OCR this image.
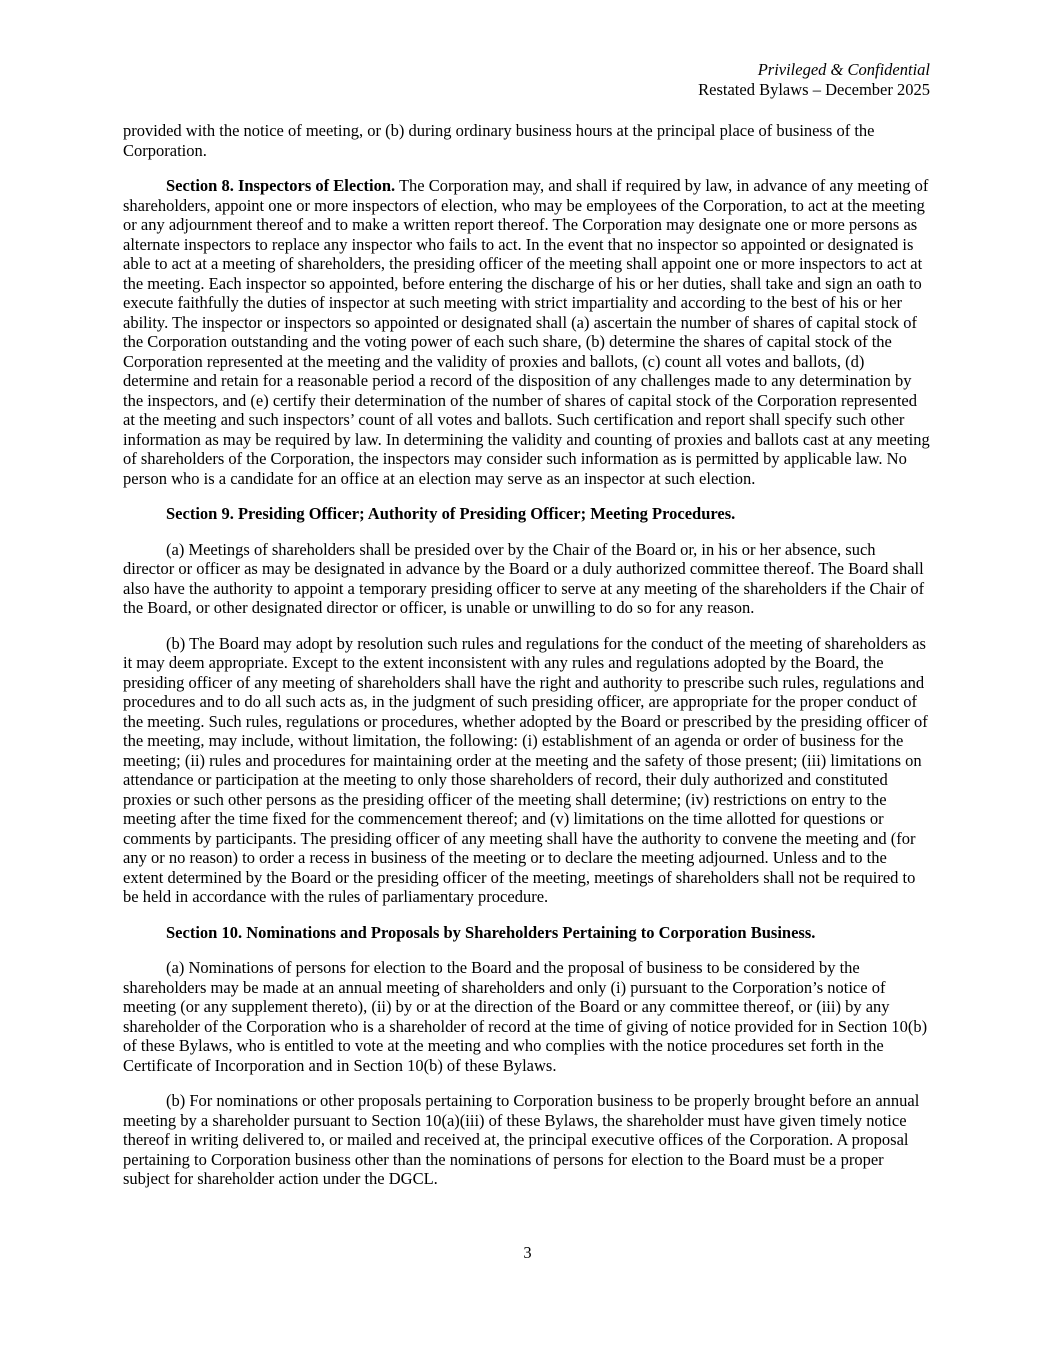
Privileged & Confidential
Restated Bylaws – December 2025

provided with the notice of meeting, or (b) during ordinary business hours at the principal place of business of the Corporation.

Section 8. Inspectors of Election. The Corporation may, and shall if required by law, in advance of any meeting of shareholders, appoint one or more inspectors of election, who may be employees of the Corporation, to act at the meeting or any adjournment thereof and to make a written report thereof. The Corporation may designate one or more persons as alternate inspectors to replace any inspector who fails to act. In the event that no inspector so appointed or designated is able to act at a meeting of shareholders, the presiding officer of the meeting shall appoint one or more inspectors to act at the meeting. Each inspector so appointed, before entering the discharge of his or her duties, shall take and sign an oath to execute faithfully the duties of inspector at such meeting with strict impartiality and according to the best of his or her ability. The inspector or inspectors so appointed or designated shall (a) ascertain the number of shares of capital stock of the Corporation outstanding and the voting power of each such share, (b) determine the shares of capital stock of the Corporation represented at the meeting and the validity of proxies and ballots, (c) count all votes and ballots, (d) determine and retain for a reasonable period a record of the disposition of any challenges made to any determination by the inspectors, and (e) certify their determination of the number of shares of capital stock of the Corporation represented at the meeting and such inspectors’ count of all votes and ballots. Such certification and report shall specify such other information as may be required by law. In determining the validity and counting of proxies and ballots cast at any meeting of shareholders of the Corporation, the inspectors may consider such information as is permitted by applicable law. No person who is a candidate for an office at an election may serve as an inspector at such election.

Section 9. Presiding Officer; Authority of Presiding Officer; Meeting Procedures.

(a) Meetings of shareholders shall be presided over by the Chair of the Board or, in his or her absence, such director or officer as may be designated in advance by the Board or a duly authorized committee thereof. The Board shall also have the authority to appoint a temporary presiding officer to serve at any meeting of the shareholders if the Chair of the Board, or other designated director or officer, is unable or unwilling to do so for any reason.

(b) The Board may adopt by resolution such rules and regulations for the conduct of the meeting of shareholders as it may deem appropriate. Except to the extent inconsistent with any rules and regulations adopted by the Board, the presiding officer of any meeting of shareholders shall have the right and authority to prescribe such rules, regulations and procedures and to do all such acts as, in the judgment of such presiding officer, are appropriate for the proper conduct of the meeting. Such rules, regulations or procedures, whether adopted by the Board or prescribed by the presiding officer of the meeting, may include, without limitation, the following: (i) establishment of an agenda or order of business for the meeting; (ii) rules and procedures for maintaining order at the meeting and the safety of those present; (iii) limitations on attendance or participation at the meeting to only those shareholders of record, their duly authorized and constituted proxies or such other persons as the presiding officer of the meeting shall determine; (iv) restrictions on entry to the meeting after the time fixed for the commencement thereof; and (v) limitations on the time allotted for questions or comments by participants. The presiding officer of any meeting shall have the authority to convene the meeting and (for any or no reason) to order a recess in business of the meeting or to declare the meeting adjourned. Unless and to the extent determined by the Board or the presiding officer of the meeting, meetings of shareholders shall not be required to be held in accordance with the rules of parliamentary procedure.

Section 10. Nominations and Proposals by Shareholders Pertaining to Corporation Business.

(a) Nominations of persons for election to the Board and the proposal of business to be considered by the shareholders may be made at an annual meeting of shareholders and only (i) pursuant to the Corporation’s notice of meeting (or any supplement thereto), (ii) by or at the direction of the Board or any committee thereof, or (iii) by any shareholder of the Corporation who is a shareholder of record at the time of giving of notice provided for in Section 10(b) of these Bylaws, who is entitled to vote at the meeting and who complies with the notice procedures set forth in the Certificate of Incorporation and in Section 10(b) of these Bylaws.

(b) For nominations or other proposals pertaining to Corporation business to be properly brought before an annual meeting by a shareholder pursuant to Section 10(a)(iii) of these Bylaws, the shareholder must have given timely notice thereof in writing delivered to, or mailed and received at, the principal executive offices of the Corporation. A proposal pertaining to Corporation business other than the nominations of persons for election to the Board must be a proper subject for shareholder action under the DGCL.

3
